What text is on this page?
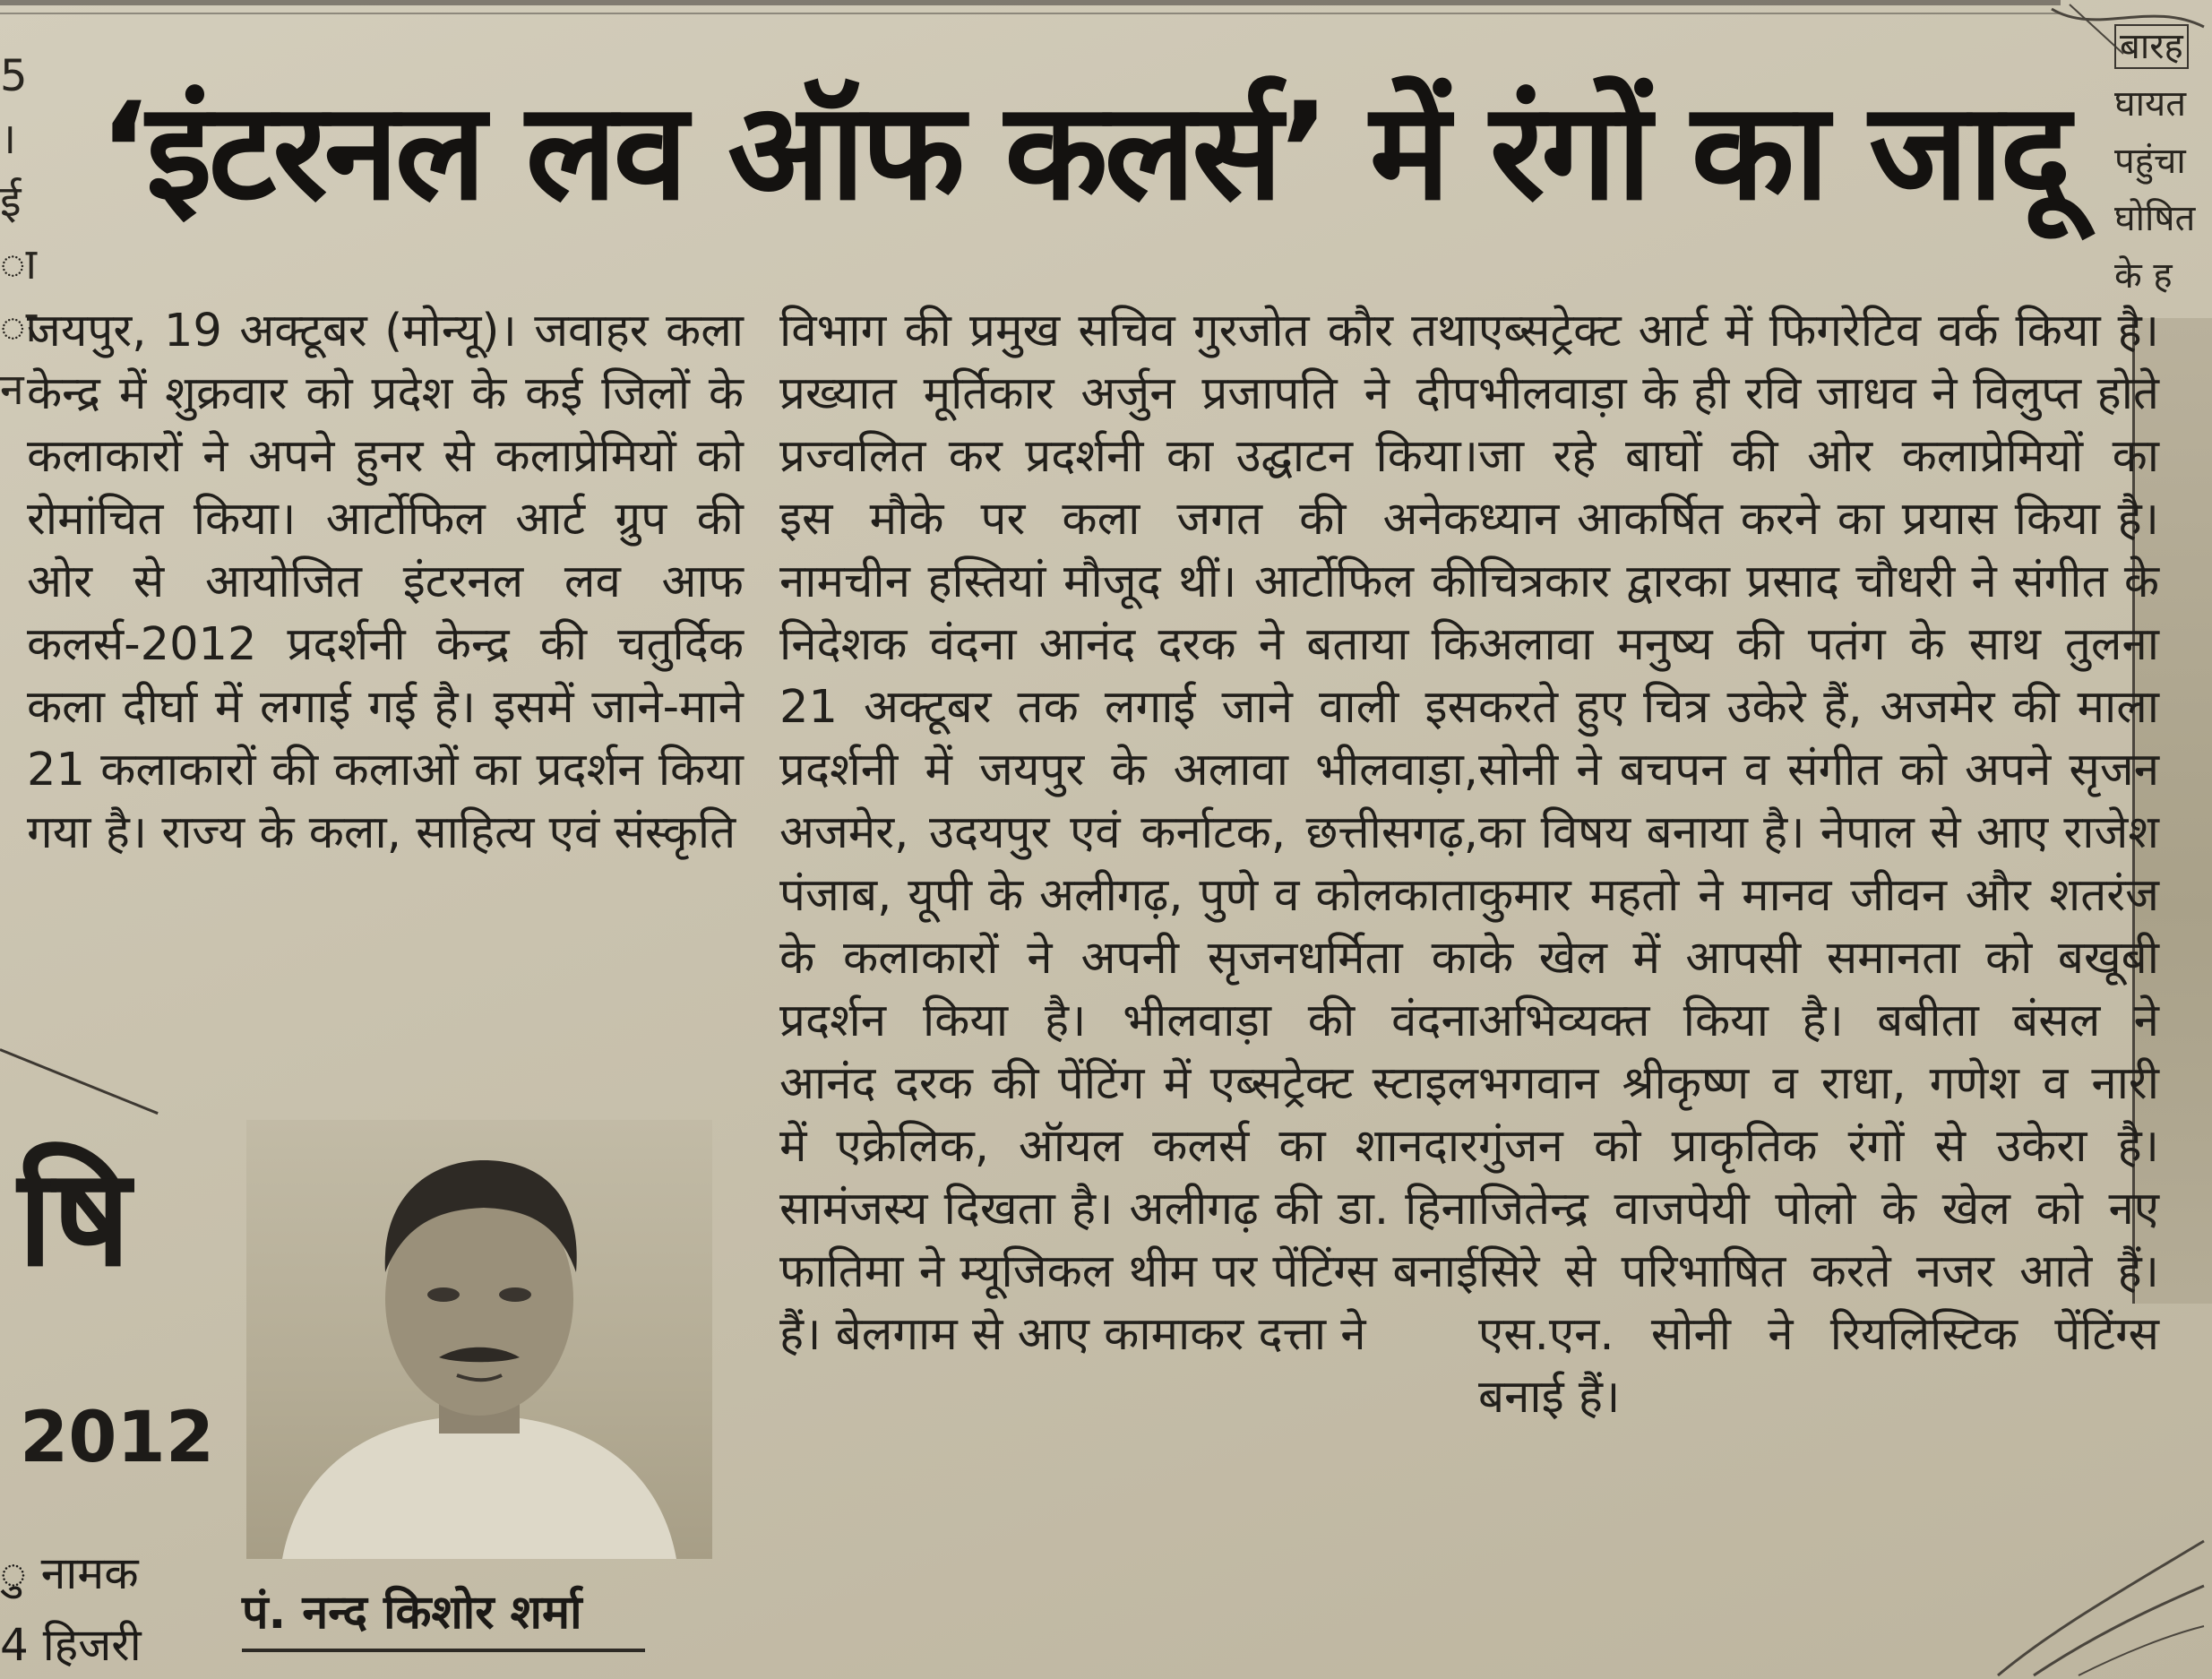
5
।
ई
ा
ा
न
बारह
घायत
पहुंचा
घोषित
के ह
‘इंटरनल लव ऑफ कलर्स’ में रंगों का जादू

जयपुर, 19 अक्टूबर (मोन्यू)। जवाहर कला केन्द्र में शुक्रवार को प्रदेश के कई जिलों के कलाकारों ने अपने हुनर से कलाप्रेमियों को रोमांचित किया। आर्टोफिल आर्ट ग्रुप की ओर से आयोजित इंटरनल लव आफ कलर्स-2012 प्रदर्शनी केन्द्र की चतुर्दिक कला दीर्घा में लगाई गई है। इसमें जाने-माने 21 कलाकारों की कलाओं का प्रदर्शन किया गया है। राज्य के कला, साहित्य एवं संस्कृति

विभाग की प्रमुख सचिव गुरजोत कौर तथा प्रख्यात मूर्तिकार अर्जुन प्रजापति ने दीप प्रज्वलित कर प्रदर्शनी का उद्घाटन किया। इस मौके पर कला जगत की अनेक नामचीन हस्तियां मौजूद थीं। आर्टोफिल की निदेशक वंदना आनंद दरक ने बताया कि 21 अक्टूबर तक लगाई जाने वाली इस प्रदर्शनी में जयपुर के अलावा भीलवाड़ा, अजमेर, उदयपुर एवं कर्नाटक, छत्तीसगढ़, पंजाब, यूपी के अलीगढ़, पुणे व कोलकाता के कलाकारों ने अपनी सृजनधर्मिता का प्रदर्शन किया है। भीलवाड़ा की वंदना आनंद दरक की पेंटिंग में एब्सट्रेक्ट स्टाइल में एक्रेलिक, ऑयल कलर्स का शानदार सामंजस्य दिखता है। अलीगढ़ की डा. हिना फातिमा ने म्यूजिकल थीम पर पेंटिंग्स बनाई हैं। बेलगाम से आए कामाकर दत्ता ने

एब्सट्रेक्ट आर्ट में फिगरेटिव वर्क किया है। भीलवाड़ा के ही रवि जाधव ने विलुप्त होते जा रहे बाघों की ओर कलाप्रेमियों का ध्यान आकर्षित करने का प्रयास किया है। चित्रकार द्वारका प्रसाद चौधरी ने संगीत के अलावा मनुष्य की पतंग के साथ तुलना करते हुए चित्र उकेरे हैं, अजमेर की माला सोनी ने बचपन व संगीत को अपने सृजन का विषय बनाया है। नेपाल से आए राजेश कुमार महतो ने मानव जीवन और शतरंज के खेल में आपसी समानता को बखूबी अभिव्यक्त किया है। बबीता बंसल ने भगवान श्रीकृष्ण व राधा, गणेश व नारी गुंजन को प्राकृतिक रंगों से उकेरा है। जितेन्द्र वाजपेयी पोलो के खेल को नए सिरे से परिभाषित करते नजर आते हैं। एस.एन. सोनी ने रियलिस्टिक पेंटिंग्स बनाई हैं।

षि
2012
ु नामक
4 हिजरी
पं. नन्द किशोर शर्मा
